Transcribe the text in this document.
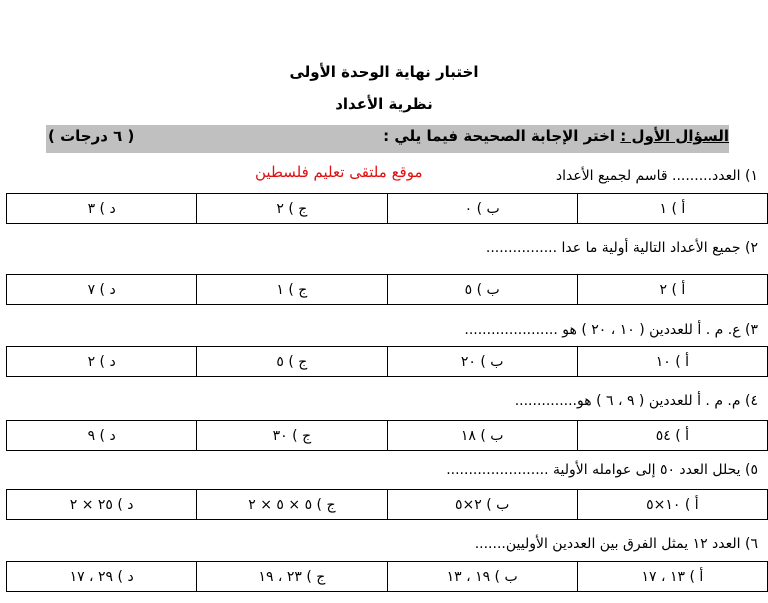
اختبار نهاية الوحدة الأولى
نظرية الأعداد
السؤال الأول : اختر الإجابة الصحيحة فيما يلي :
( ٦ درجات )
موقع ملتقى تعليم فلسطين	١) العدد......... قاسم لجميع الأعداد
أ ) ١
ب ) ٠
ج ) ٢
د ) ٣
٢) جميع الأعداد التالية أولية ما عدا ................
أ ) ٢
ب ) ٥
ج ) ١
د ) ٧
٣) ع. م . أ للعددين ( ١٠ ، ٢٠ ) هو .....................
أ ) ١٠
ب ) ٢٠
ج ) ٥
د ) ٢
٤) م. م . أ للعددين ( ٩ ، ٦ ) هو..............
أ ) ٥٤
ب ) ١٨
ج ) ٣٠
د ) ٩
٥) يحلل العدد ٥٠ إلى عوامله الأولية .......................
أ ) ١٠×٥
ب ) ٢×٥
ج ) ٥ × ٥ × ٢
د ) ٢٥ × ٢
٦) العدد ١٢ يمثل الفرق بين العددين الأوليين.......
أ ) ١٣ ، ١٧
ب ) ١٩ ، ١٣
ج ) ٢٣ ، ١٩
د ) ٢٩ ، ١٧
